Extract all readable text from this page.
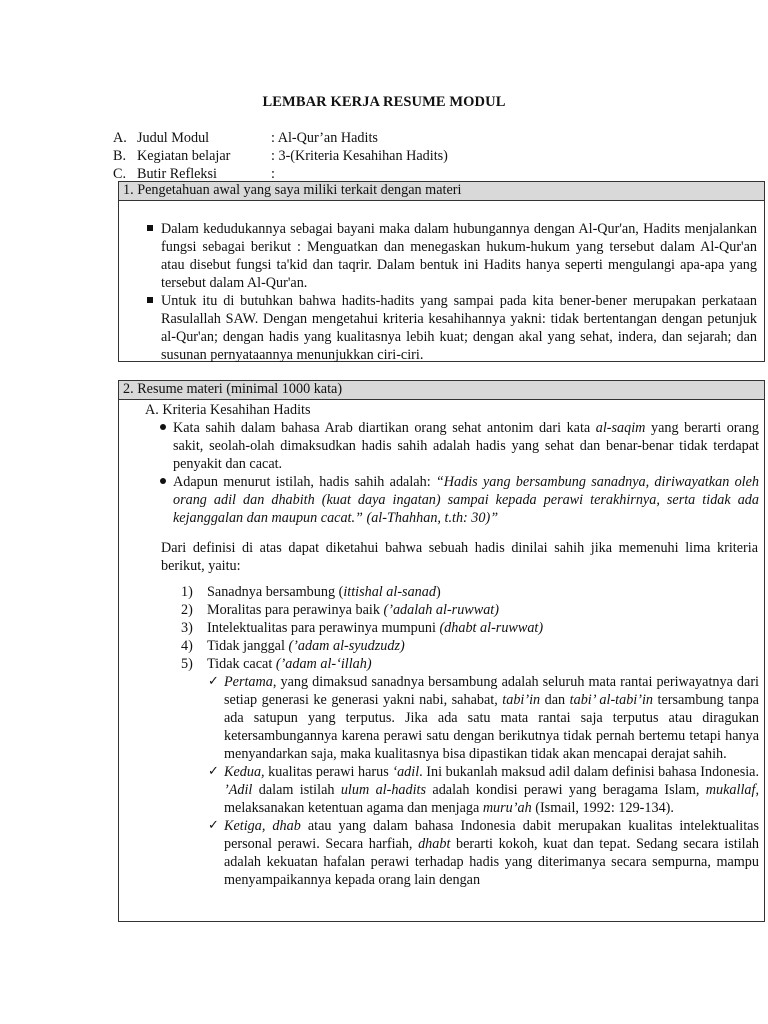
LEMBAR KERJA RESUME MODUL
A. Judul Modul	: Al-Qur’an Hadits
B. Kegiatan belajar	: 3-(Kriteria Kesahihan Hadits)
C. Butir Refleksi	:
1. Pengetahuan awal yang saya miliki terkait dengan materi
Dalam kedudukannya sebagai bayani maka dalam hubungannya dengan Al-Qur'an, Hadits menjalankan fungsi sebagai berikut : Menguatkan dan menegaskan hukum-hukum yang tersebut dalam Al-Qur'an atau disebut fungsi ta'kid dan taqrir. Dalam bentuk ini Hadits hanya seperti mengulangi apa-apa yang tersebut dalam Al-Qur'an.
Untuk itu di butuhkan bahwa hadits-hadits yang sampai pada kita bener-bener merupakan perkataan Rasulallah SAW. Dengan mengetahui kriteria kesahihannya yakni: tidak bertentangan dengan petunjuk al-Qur'an; dengan hadis yang kualitasnya lebih kuat; dengan akal yang sehat, indera, dan sejarah; dan susunan pernyataannya menunjukkan ciri-ciri.
2. Resume materi (minimal 1000 kata)
A. Kriteria Kesahihan Hadits
Kata sahih dalam bahasa Arab diartikan orang sehat antonim dari kata al-saqim yang berarti orang sakit, seolah-olah dimaksudkan hadis sahih adalah hadis yang sehat dan benar-benar tidak terdapat penyakit dan cacat.
Adapun menurut istilah, hadis sahih adalah: “Hadis yang bersambung sanadnya, diriwayatkan oleh orang adil dan dhabith (kuat daya ingatan) sampai kepada perawi terakhirnya, serta tidak ada kejanggalan dan maupun cacat.” (al-Thahhan, t.th: 30)”
Dari definisi di atas dapat diketahui bahwa sebuah hadis dinilai sahih jika memenuhi lima kriteria berikut, yaitu:
1) Sanadnya bersambung (ittishal al-sanad)
2) Moralitas para perawinya baik (’adalah al-ruwwat)
3) Intelektualitas para perawinya mumpuni (dhabt al-ruwwat)
4) Tidak janggal (’adam al-syudzudz)
5) Tidak cacat (’adam al-‘illah)
✓ Pertama, yang dimaksud sanadnya bersambung adalah seluruh mata rantai periwayatnya dari setiap generasi ke generasi yakni nabi, sahabat, tabi’in dan tabi’ al-tabi’in tersambung tanpa ada satupun yang terputus. Jika ada satu mata rantai saja terputus atau diragukan ketersambungannya karena perawi satu dengan berikutnya tidak pernah bertemu tetapi hanya menyandarkan saja, maka kualitasnya bisa dipastikan tidak akan mencapai derajat sahih.
✓ Kedua, kualitas perawi harus ‘adil. Ini bukanlah maksud adil dalam definisi bahasa Indonesia. ’Adil dalam istilah ulum al-hadits adalah kondisi perawi yang beragama Islam, mukallaf, melaksanakan ketentuan agama dan menjaga muru’ah (Ismail, 1992: 129-134).
✓ Ketiga, dhab atau yang dalam bahasa Indonesia dabit merupakan kualitas intelektualitas personal perawi. Secara harfiah, dhabt berarti kokoh, kuat dan tepat. Sedang secara istilah adalah kekuatan hafalan perawi terhadap hadis yang diterimanya secara sempurna, mampu menyampaikannya kepada orang lain dengan
